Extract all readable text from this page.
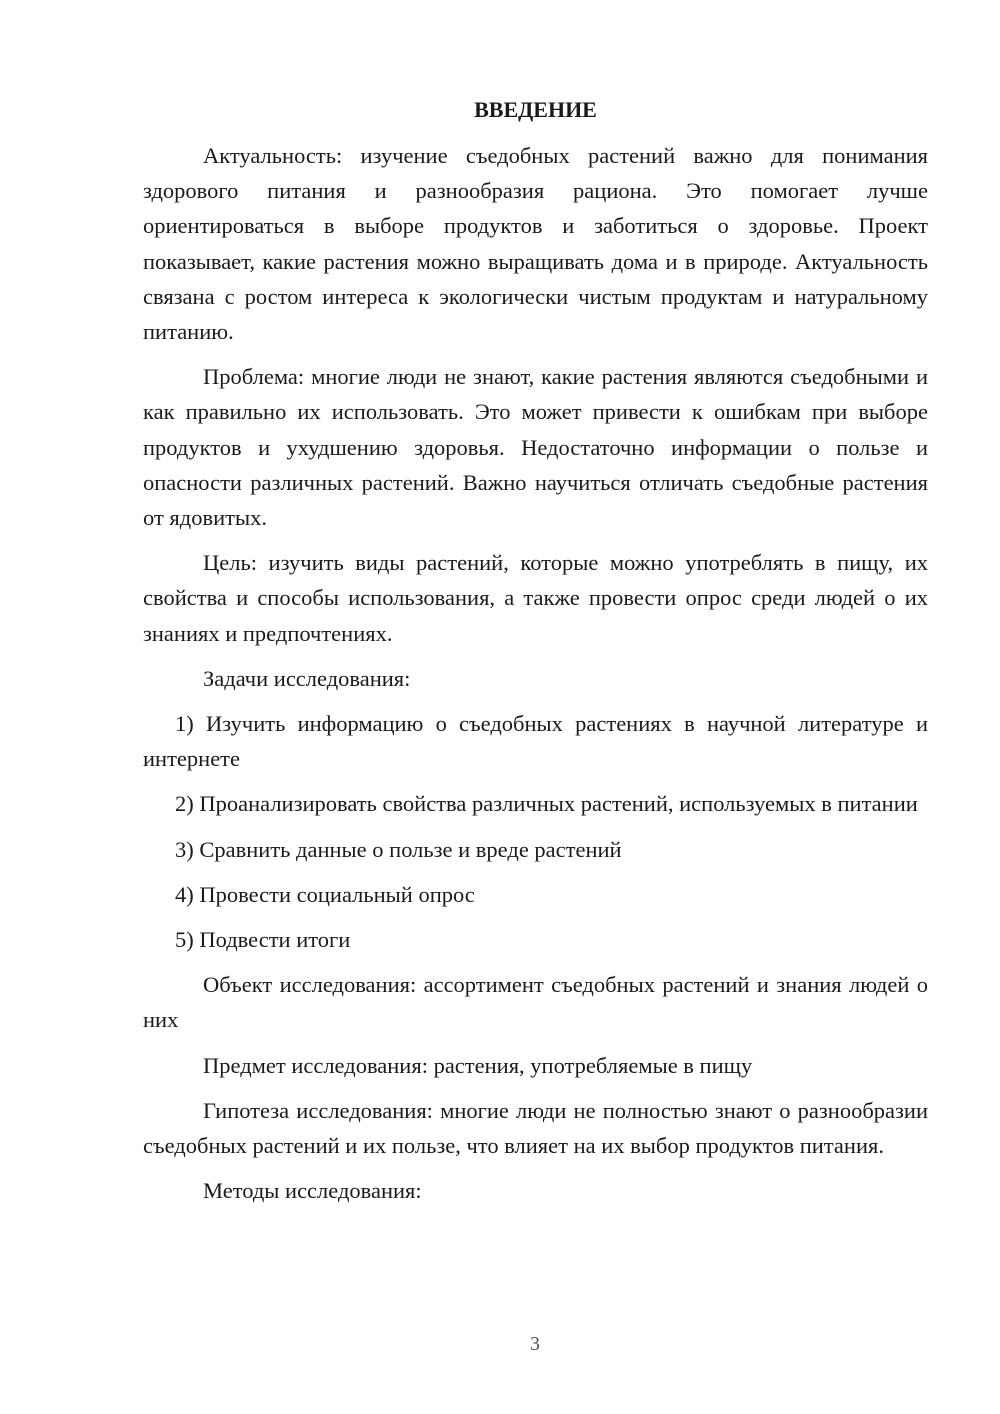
ВВЕДЕНИЕ

Актуальность: изучение съедобных растений важно для понимания здорового питания и разнообразия рациона. Это помогает лучше ориентироваться в выборе продуктов и заботиться о здоровье. Проект показывает, какие растения можно выращивать дома и в природе. Актуальность связана с ростом интереса к экологически чистым продуктам и натуральному питанию.

Проблема: многие люди не знают, какие растения являются съедобными и как правильно их использовать. Это может привести к ошибкам при выборе продуктов и ухудшению здоровья. Недостаточно информации о пользе и опасности различных растений. Важно научиться отличать съедобные растения от ядовитых.

Цель: изучить виды растений, которые можно употреблять в пищу, их свойства и способы использования, а также провести опрос среди людей о их знаниях и предпочтениях.

Задачи исследования:

1) Изучить информацию о съедобных растениях в научной литературе и интернете

2) Проанализировать свойства различных растений, используемых в питании

3) Сравнить данные о пользе и вреде растений

4) Провести социальный опрос

5) Подвести итоги

Объект исследования: ассортимент съедобных растений и знания людей о них

Предмет исследования: растения, употребляемые в пищу

Гипотеза исследования: многие люди не полностью знают о разнообразии съедобных растений и их пользе, что влияет на их выбор продуктов питания.

Методы исследования:

3
